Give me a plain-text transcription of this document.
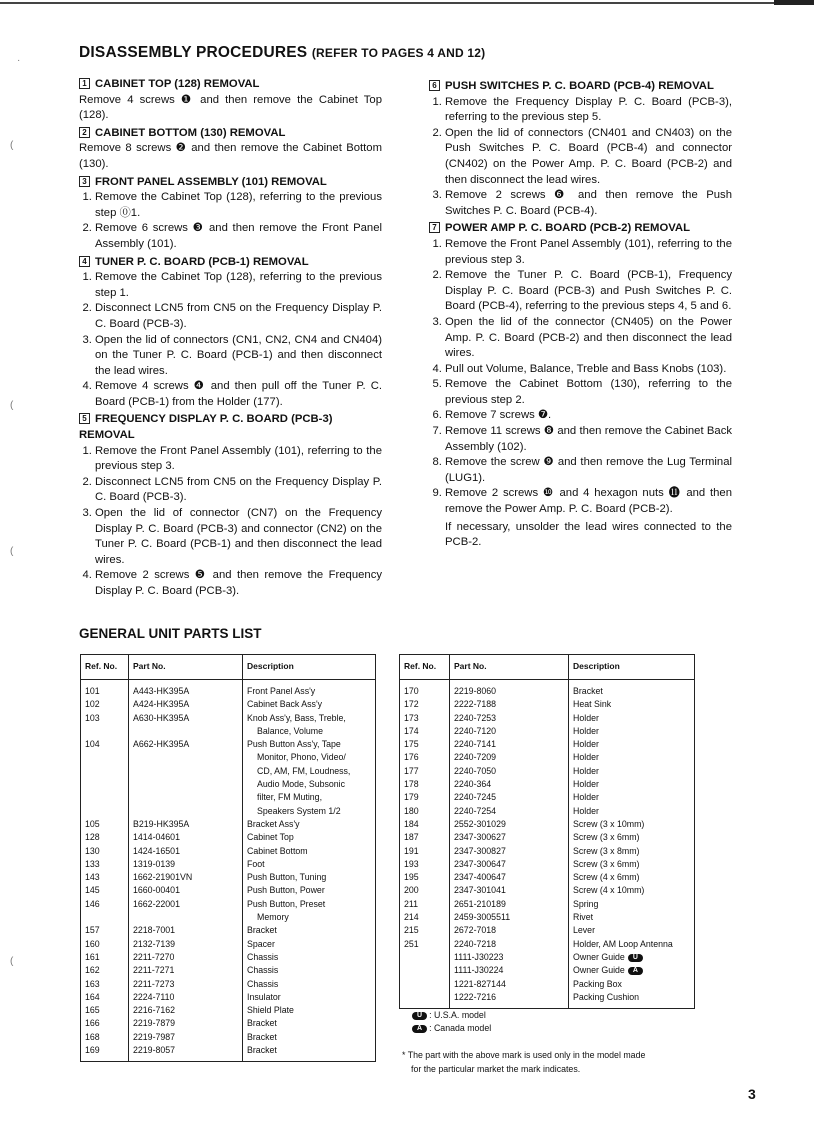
·
(
(
(
(
DISASSEMBLY PROCEDURES (REFER TO PAGES 4 AND 12)
1 CABINET TOP (128) REMOVAL

Remove 4 screws ❶ and then remove the Cabinet Top (128).

2 CABINET BOTTOM (130) REMOVAL

Remove 8 screws ❷ and then remove the Cabinet Bottom (130).

3 FRONT PANEL ASSEMBLY (101) REMOVAL
1. Remove the Cabinet Top (128), referring to the previous step ⓪1.
2. Remove 6 screws ❸ and then remove the Front Panel Assembly (101).
4 TUNER P. C. BOARD (PCB-1) REMOVAL
1. Remove the Cabinet Top (128), referring to the previous step 1.
2. Disconnect LCN5 from CN5 on the Frequency Display P. C. Board (PCB-3).
3. Open the lid of connectors (CN1, CN2, CN4 and CN404) on the Tuner P. C. Board (PCB-1) and then disconnect the lead wires.
4. Remove 4 screws ❹ and then pull off the Tuner P. C. Board (PCB-1) from the Holder (177).
5 FREQUENCY DISPLAY P. C. BOARD (PCB-3) REMOVAL
1. Remove the Front Panel Assembly (101), referring to the previous step 3.
2. Disconnect LCN5 from CN5 on the Frequency Display P. C. Board (PCB-3).
3. Open the lid of connector (CN7) on the Frequency Display P. C. Board (PCB-3) and connector (CN2) on the Tuner P. C. Board (PCB-1) and then disconnect the lead wires.
4. Remove 2 screws ❺ and then remove the Frequency Display P. C. Board (PCB-3).
6 PUSH SWITCHES P. C. BOARD (PCB-4) REMOVAL
1. Remove the Frequency Display P. C. Board (PCB-3), referring to the previous step 5.
2. Open the lid of connectors (CN401 and CN403) on the Push Switches P. C. Board (PCB-4) and connector (CN402) on the Power Amp. P. C. Board (PCB-2) and then disconnect the lead wires.
3. Remove 2 screws ❻ and then remove the Push Switches P. C. Board (PCB-4).
7 POWER AMP P. C. BOARD (PCB-2) REMOVAL
1. Remove the Front Panel Assembly (101), referring to the previous step 3.
2. Remove the Tuner P. C. Board (PCB-1), Frequency Display P. C. Board (PCB-3) and Push Switches P. C. Board (PCB-4), referring to the previous steps 4, 5 and 6.
3. Open the lid of the connector (CN405) on the Power Amp. P. C. Board (PCB-2) and then disconnect the lead wires.
4. Pull out Volume, Balance, Treble and Bass Knobs (103).
5. Remove the Cabinet Bottom (130), referring to the previous step 2.
6. Remove 7 screws ❼.
7. Remove 11 screws ❽ and then remove the Cabinet Back Assembly (102).
8. Remove the screw ❾ and then remove the Lug Terminal (LUG1).
9. Remove 2 screws ❿ and 4 hexagon nuts ⓫ and then remove the Power Amp. P. C. Board (PCB-2).

If necessary, unsolder the lead wires connected to the PCB-2.

GENERAL UNIT PARTS LIST
Ref. No.	Part No.	Description
101	A443-HK395A	Front Panel Ass'y
102	A424-HK395A	Cabinet Back Ass'y
103	A630-HK395A	Knob Ass'y, Bass, Treble,
		Balance, Volume
104	A662-HK395A	Push Button Ass'y, Tape
		Monitor, Phono, Video/
		CD, AM, FM, Loudness,
		Audio Mode, Subsonic
		filter, FM Muting,
		Speakers System 1/2
105	B219-HK395A	Bracket Ass'y
128	1414-04601	Cabinet Top
130	1424-16501	Cabinet Bottom
133	1319-0139	Foot
143	1662-21901VN	Push Button, Tuning
145	1660-00401	Push Button, Power
146	1662-22001	Push Button, Preset
		Memory
157	2218-7001	Bracket
160	2132-7139	Spacer
161	2211-7270	Chassis
162	2211-7271	Chassis
163	2211-7273	Chassis
164	2224-7110	Insulator
165	2216-7162	Shield Plate
166	2219-7879	Bracket
168	2219-7987	Bracket
169	2219-8057	Bracket
Ref. No.	Part No.	Description
170	2219-8060	Bracket
172	2222-7188	Heat Sink
173	2240-7253	Holder
174	2240-7120	Holder
175	2240-7141	Holder
176	2240-7209	Holder
177	2240-7050	Holder
178	2240-364	Holder
179	2240-7245	Holder
180	2240-7254	Holder
184	2552-301029	Screw (3 x 10mm)
187	2347-300627	Screw (3 x 6mm)
191	2347-300827	Screw (3 x 8mm)
193	2347-300647	Screw (3 x 6mm)
195	2347-400647	Screw (4 x 6mm)
200	2347-301041	Screw (4 x 10mm)
211	2651-210189	Spring
214	2459-3005511	Rivet
215	2672-7018	Lever
251	2240-7218	Holder, AM Loop Antenna
	1111-J30223	Owner Guide U
	1111-J30224	Owner Guide A
	1221-827144	Packing Box
	1222-7216	Packing Cushion
U : U.S.A. model
A : Canada model
* The part with the above mark is used only in the model made
for the particular market the mark indicates.
3
